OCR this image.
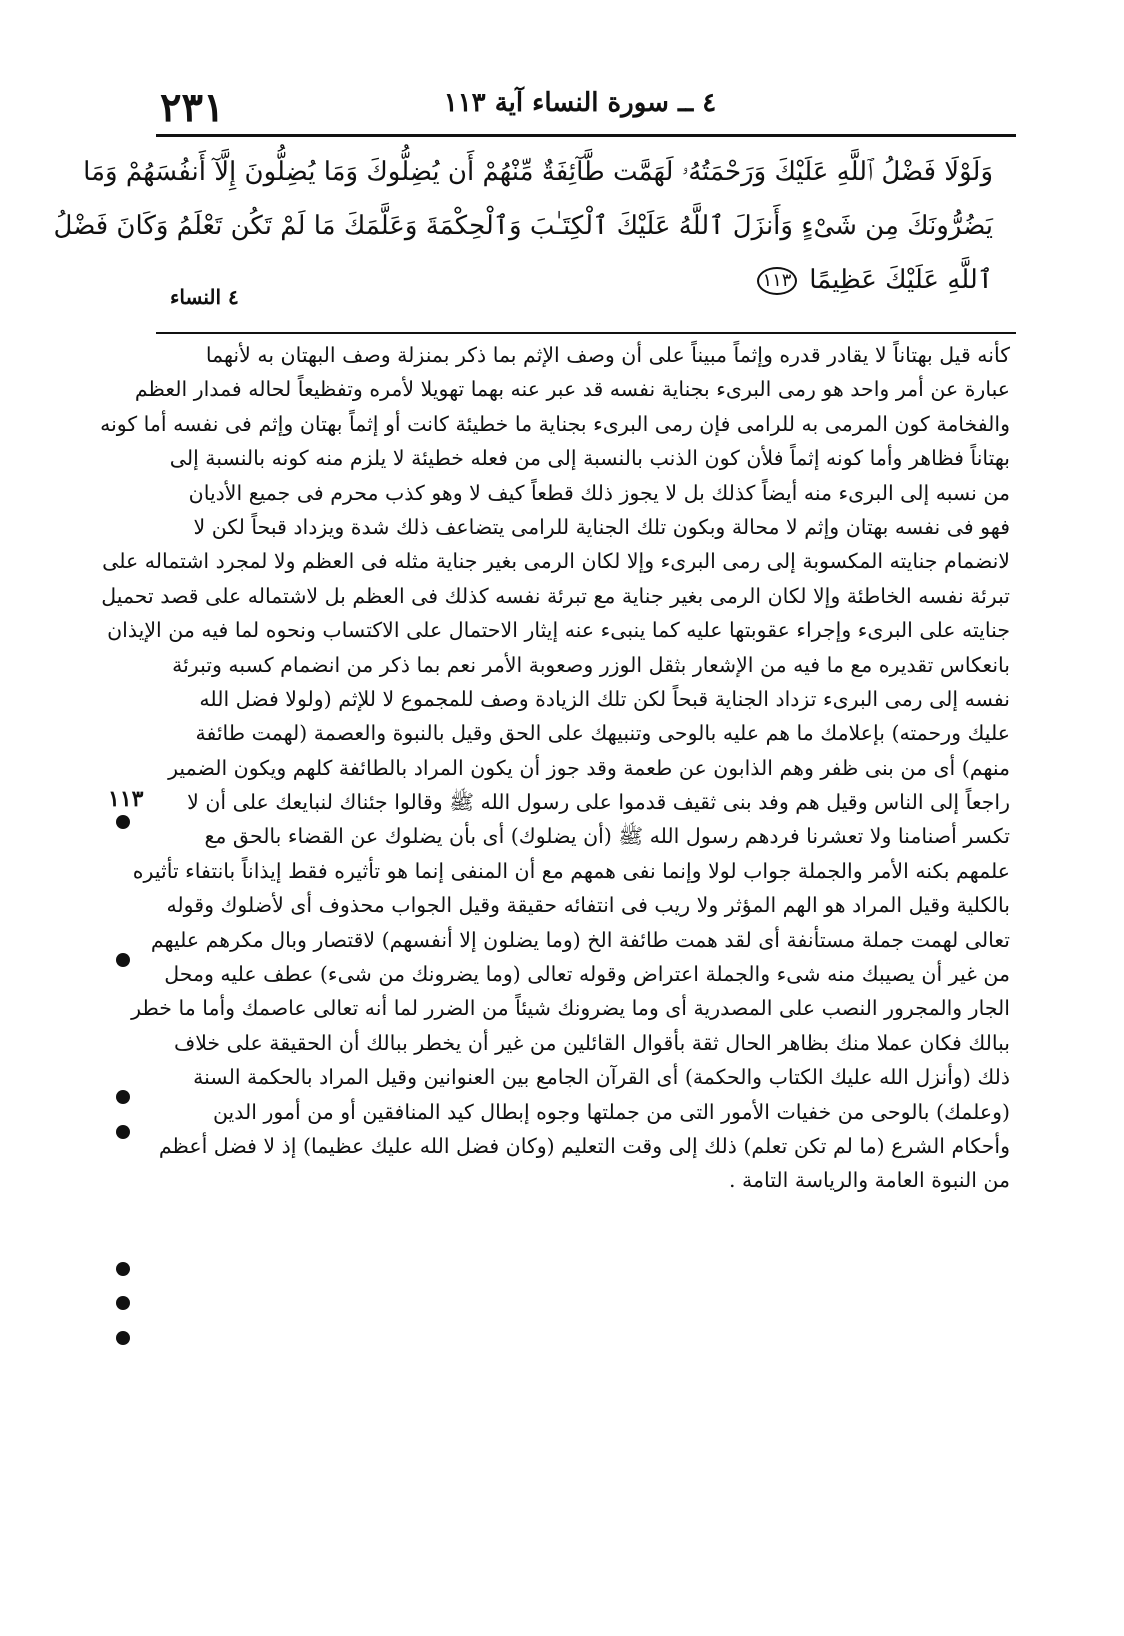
٢٣١	٤ ــ سورة النساء آية ١١٣
وَلَوْلَا فَضْلُ ٱللَّهِ عَلَيْكَ وَرَحْمَتُهُۥ لَهَمَّت طَّآئِفَةٌ مِّنْهُمْ أَن يُضِلُّوكَ وَمَا يُضِلُّونَ إِلَّآ أَنفُسَهُمْ وَمَا
يَضُرُّونَكَ مِن شَىْءٍ وَأَنزَلَ ٱللَّهُ عَلَيْكَ ٱلْكِتَـٰبَ وَٱلْحِكْمَةَ وَعَلَّمَكَ مَا لَمْ تَكُن تَعْلَمُ وَكَانَ فَضْلُ
ٱللَّهِ عَلَيْكَ عَظِيمًا ١١٣
٤ النساء
١١٣
كأنه قيل بهتاناً لا يقادر قدره وإثماً مبيناً على أن وصف الإثم بما ذكر بمنزلة وصف البهتان به لأنهما
عبارة عن أمر واحد هو رمى البرىء بجناية نفسه قد عبر عنه بهما تهويلا لأمره وتفظيعاً لحاله فمدار العظم
والفخامة كون المرمى به للرامى فإن رمى البرىء بجناية ما خطيئة كانت أو إثماً بهتان وإثم فى نفسه أما كونه
بهتاناً فظاهر وأما كونه إثماً فلأن كون الذنب بالنسبة إلى من فعله خطيئة لا يلزم منه كونه بالنسبة إلى
من نسبه إلى البرىء منه أيضاً كذلك بل لا يجوز ذلك قطعاً كيف لا وهو كذب محرم فى جميع الأديان
فهو فى نفسه بهتان وإثم لا محالة وبكون تلك الجناية للرامى يتضاعف ذلك شدة ويزداد قبحاً لكن لا
لانضمام جنايته المكسوبة إلى رمى البرىء وإلا لكان الرمى بغير جناية مثله فى العظم ولا لمجرد اشتماله على
تبرئة نفسه الخاطئة وإلا لكان الرمى بغير جناية مع تبرئة نفسه كذلك فى العظم بل لاشتماله على قصد تحميل
جنايته على البرىء وإجراء عقوبتها عليه كما ينبىء عنه إيثار الاحتمال على الاكتساب ونحوه لما فيه من الإيذان
بانعكاس تقديره مع ما فيه من الإشعار بثقل الوزر وصعوبة الأمر نعم بما ذكر من انضمام كسبه وتبرئة
نفسه إلى رمى البرىء تزداد الجناية قبحاً لكن تلك الزيادة وصف للمجموع لا للإثم (ولولا فضل الله
عليك ورحمته) بإعلامك ما هم عليه بالوحى وتنبيهك على الحق وقيل بالنبوة والعصمة (لهمت طائفة
منهم) أى من بنى ظفر وهم الذابون عن طعمة وقد جوز أن يكون المراد بالطائفة كلهم ويكون الضمير
راجعاً إلى الناس وقيل هم وفد بنى ثقيف قدموا على رسول الله ﷺ وقالوا جئناك لنبايعك على أن لا
تكسر أصنامنا ولا تعشرنا فردهم رسول الله ﷺ (أن يضلوك) أى بأن يضلوك عن القضاء بالحق مع
علمهم بكنه الأمر والجملة جواب لولا وإنما نفى همهم مع أن المنفى إنما هو تأثيره فقط إيذاناً بانتفاء تأثيره
بالكلية وقيل المراد هو الهم المؤثر ولا ريب فى انتفائه حقيقة وقيل الجواب محذوف أى لأضلوك وقوله
تعالى لهمت جملة مستأنفة أى لقد همت طائفة الخ (وما يضلون إلا أنفسهم) لاقتصار وبال مكرهم عليهم
من غير أن يصيبك منه شىء والجملة اعتراض وقوله تعالى (وما يضرونك من شىء) عطف عليه ومحل
الجار والمجرور النصب على المصدرية أى وما يضرونك شيئاً من الضرر لما أنه تعالى عاصمك وأما ما خطر
ببالك فكان عملا منك بظاهر الحال ثقة بأقوال القائلين من غير أن يخطر ببالك أن الحقيقة على خلاف
ذلك (وأنزل الله عليك الكتاب والحكمة) أى القرآن الجامع بين العنوانين وقيل المراد بالحكمة السنة
(وعلمك) بالوحى من خفيات الأمور التى من جملتها وجوه إبطال كيد المنافقين أو من أمور الدين
وأحكام الشرع (ما لم تكن تعلم) ذلك إلى وقت التعليم (وكان فضل الله عليك عظيما) إذ لا فضل أعظم
من النبوة العامة والرياسة التامة .
